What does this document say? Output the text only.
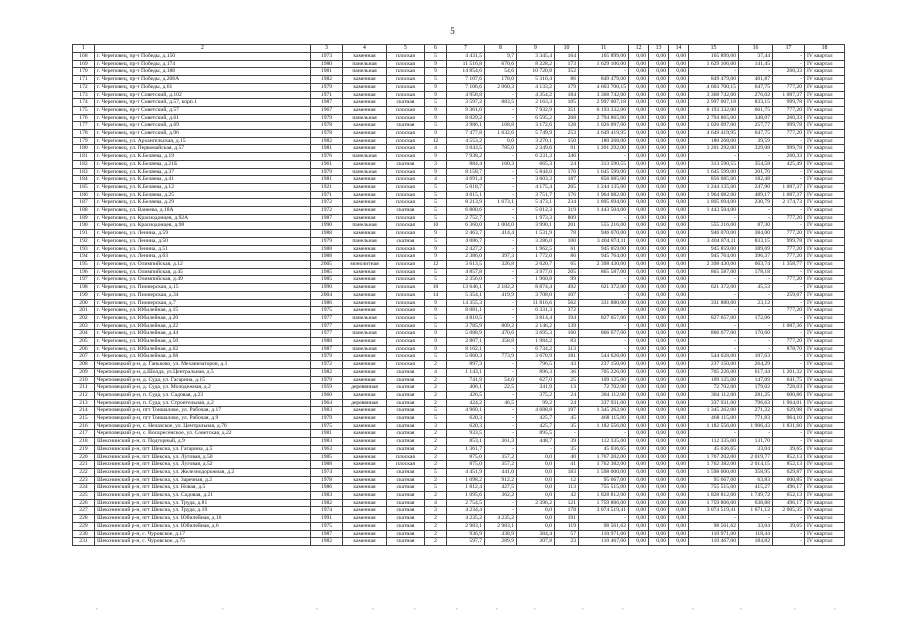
5
1	2	3	4	5	6	7	8	9	10	11	12	13	14	15	16	17	18
168	г. Череповец, пр-т Победы, д.150	1973	каменная	плоская	5	4 431,5	9,7	3 345,4	164	165 899,00	0,00	0,00	0,00	165 899,00	37,44	-	IV квартал
169	г. Череповец, пр-т Победы, д.174	1980	панельная	плоская	9	11 516,8	670,6	8 228,2	173	1 629 106,00	0,00	0,00	0,00	1 629 106,00	141,45	-	IV квартал
170	г. Череповец, пр-т Победы, д.188	1981	панельная	плоская	9	14 854,6	54,6	10 720,8	352	-	0,00	0,00	0,00	-	-	260,33	IV квартал
171	г. Череповец, пр-т Победы, д.208А	1982	каменная	плоская	5	7 107,6	178,0	5 316,4	86	849 479,00	0,00	0,00	0,00	849 479,00	401,87	-	IV квартал
172	г. Череповец, пр-т Победы, д.61	1979	каменная	плоская	9	7 106,6	2 060,3	4 133,2	179	4 603 700,15	0,00	0,00	0,00	4 603 700,15	647,75	777,20	IV квартал
173	г. Череповец, пр-т Советский, д.102	1971	каменная	плоская	9	4 958,8	-	4 354,2	184	3 368 742,00	0,00	0,00	0,00	3 368 742,00	276,02	1 087,37	IV квартал
174	г. Череповец, пр-т Советский, д.57, корп.1	1987	каменная	скатная	5	3 597,2	883,5	2 163,3	105	2 997 007,18	0,00	0,00	0,00	2 997 007,18	833,15	999,78	IV квартал
175	г. Череповец, пр-т Советский, д.57	1967	каменная	плоская	9	9 361,0	-	7 932,9	351	6 193 332,00	0,00	0,00	0,00	6 193 332,00	661,75	777,20	IV квартал
176	г. Череповец, пр-т Советский, д.61	1979	панельная	плоская	9	8 029,2	-	6 595,2	268	2 794 865,00	0,00	0,00	0,00	2 794 865,00	348,07	260,33	IV квартал
177	г. Череповец, пр-т Советский, д.69	1978	каменная	скатная	5	3 986,1	168,8	3 172,6	128	1 026 097,00	0,00	0,00	0,00	1 026 097,00	257,77	999,78	IV квартал
178	г. Череповец, пр-т Советский, д.96	1978	каменная	плоская	9	7 477,8	1 632,6	5 749,9	253	4 649 419,95	0,00	0,00	0,00	4 649 419,95	647,75	777,20	IV квартал
179	г. Череповец, ул. Архангельская, д.15	1982	каменная	плоская	12	4 553,2	0,0	3 270,1	150	180 268,00	0,00	0,00	0,00	180 268,00	39,59	-	IV квартал
180	г. Череповец, ул. Первомайская, д.57	1981	каменная	плоская	4	3 043,5	785,0	2 349,6	91	1 201 292,00	0,00	0,00	0,00	1 201 292,00	329,08	999,78	IV квартал
181	г. Череповец, ул. К.Беляева, д.19	1976	панельная	плоская	9	7 938,2	-	6 231,3	346	-	0,00	0,00	0,00	-	-	260,33	IV квартал
182	г. Череповец, ул. К.Беляева, д.21Б	1961	каменная	скатная	3	884,4	160,3	665,3	24	313 590,55	0,00	0,00	0,00	313 590,55	354,58	425,49	IV квартал
183	г. Череповец, ул. К.Беляева, д.37	1979	панельная	плоская	9	8 158,7	-	5 844,0	176	1 645 599,00	0,00	0,00	0,00	1 645 599,00	201,70	-	IV квартал
184	г. Череповец, ул. К.Беляева, д.41	1981	каменная	плоская	4	4 691,4	-	3 603,3	187	856 085,00	0,00	0,00	0,00	856 085,00	182,48	-	IV квартал
185	г. Череповец, ул. К.Беляева, д.12	1921	каменная	плоская	5	5 018,7	-	4 175,4	205	1 244 135,00	0,00	0,00	0,00	1 244 135,00	247,90	1 087,37	IV квартал
186	г. Череповец, ул. К.Беляева, д.25	1971	каменная	плоская	5	4 015,1	-	3 751,7	176	1 964 082,00	0,00	0,00	0,00	1 964 082,00	489,17	1 087,37	IV квартал
187	г. Череповец, ул. К.Беляева, д.29	1972	каменная	плоская	5	8 213,9	1 673,1	5 473,1	234	1 895 694,00	0,00	0,00	0,00	1 895 694,00	230,79	2 174,73	IV квартал
188	г. Череповец, ул. Ванеева, д.18А	1972	каменная	скатная	5	6 800,6	-	5 012,3	319	1 443 504,00	0,00	0,00	0,00	1 443 504,00	-	-	IV квартал
189	г. Череповец, ул. Краснодонцев, д.92А	1987	каменная	плоская	5	2 752,7	-	1 973,3	809	-	0,00	0,00	0,00	-	-	777,20	IV квартал
190	г. Череповец, ул. Краснодонцев, д.98	1990	панельная	плоская	10	6 360,0	1 004,0	3 990,1	201	555 216,00	0,00	0,00	0,00	555 216,00	87,30	-	IV квартал
191	г. Череповец, ул. Ленина, д.59	1988	каменная	плоская	9	2 463,7	414,4	1 531,9	78	946 070,00	0,00	0,00	0,00	946 070,00	384,00	777,20	IV квартал
192	г. Череповец, ул. Ленина, д.50	1979	панельная	скатная	5	4 086,7	-	3 286,0	100	3 404 874,11	0,00	0,00	0,00	3 404 874,11	833,15	999,78	IV квартал
193	г. Череповец, ул. Ленина, д.51	1988	каменная	плоская	9	2 427,2	-	1 962,5	61	945 859,00	0,00	0,00	0,00	945 859,00	389,69	777,20	IV квартал
194	г. Череповец, ул. Ленина, д.63	1988	каменная	плоская	9	2 386,0	397,3	1 772,0	86	945 764,00	0,00	0,00	0,00	945 764,00	396,37	777,20	IV квартал
195	г. Череповец, ул. Олимпийская, д.12	2005	монолитная	плоская	12	3 613,5	326,8	2 620,7	65	2 398 430,00	0,00	0,00	0,00	2 398 430,00	663,74	1 358,77	IV квартал
196	г. Череповец, ул. Олимпийская, д.45	1985	каменная	плоская	5	4 857,8	-	3 977,0	205	865 587,00	0,00	0,00	0,00	865 587,00	178,18	-	IV квартал
197	г. Череповец, ул. Олимпийская, д.49	1985	каменная	плоская	5	2 356,0	-	1 960,8	99	-	0,00	0,00	0,00	-	-	777,20	IV квартал
198	г. Череповец, ул. Пионерская, д.15	1990	каменная	плоская	10	13 646,1	2 182,2	8 874,4	492	621 372,00	0,00	0,00	0,00	621 372,00	45,53	-	IV квартал
199	г. Череповец, ул. Пионерская, д.34	2004	каменная	плоская	14	5 354,1	419,9	3 708,0	107	-	0,00	0,00	0,00	-	-	259,67	IV квартал
200	г. Череповец, ул. Пионерская, д.7	1986	каменная	плоская	9	14 355,3	-	11 816,6	562	331 880,00	0,00	0,00	0,00	331 880,00	23,12	-	IV квартал
201	г. Череповец, ул. Юбилейная, д.15	1975	каменная	плоская	9	8 081,1	-	6 331,3	372	-	0,00	0,00	0,00	-	-	777,20	IV квартал
202	г. Череповец, ул. Юбилейная, д.20	1977	панельная	плоская	5	4 810,5	-	3 814,4	194	827 657,00	0,00	0,00	0,00	827 657,00	172,06	-	IV квартал
203	г. Череповец, ул. Юбилейная, д.22	1977	каменная	плоская	5	3 785,9	809,2	2 146,2	139	-	0,00	0,00	0,00	-	-	1 087,36	IV квартал
204	г. Череповец, ул. Юбилейная, д.44	1977	панельная	плоская	9	5 088,9	470,6	3 695,3	160	866 677,00	0,00	0,00	0,00	866 677,00	170,60	-	IV квартал
205	г. Череповец, ул. Юбилейная, д.50	1988	каменная	плоская	9	2 807,1	358,8	1 984,2	83	-	0,00	0,00	0,00	-	-	777,20	IV квартал
206	г. Череповец, ул. Юбилейная, д.62	1987	панельная	плоская	9	8 162,1	-	6 734,2	313	-	0,00	0,00	0,00	-	-	878,70	IV квартал
207	г. Череповец, ул. Юбилейная, д.68	1979	каменная	плоская	5	5 060,3	773,9	3 670,9	181	544 628,00	0,00	0,00	0,00	544 628,00	107,63	-	IV квартал
208	Череповецкий р-н, д. Ганьково, ул. Механизаторов, д.1	1972	каменная	плоская	2	897,3	-	796,5	43	237 150,00	0,00	0,00	0,00	237 150,00	264,29	-	IV квартал
209	Череповецкий р-н, д.Шолда, ул.Центральная, д.5	1982	каменная	скатная	4	1 143,1	-	896,3	36	705 226,00	0,00	0,00	0,00	705 226,00	617,44	1 201,32	IV квартал
210	Череповецкий р-н, д. Суда, ул. Гагарина, д.15	1979	каменная	скатная	2	741,9	54,0	627,0	25	109 125,00	0,00	0,00	0,00	109 125,00	147,09	641,75	IV квартал
211	Череповецкий р-н, д. Суда, ул. Молодежная, д.2	1959	деревянная	скатная	2	406,1	22,5	341,9	13	72 702,00	0,00	0,00	0,00	72 702,00	179,02	728,03	IV квартал
212	Череповецкий р-н, п. Суда, ул. Садовая, д.23	1960	каменная	скатная	2	426,5	-	375,2	24	384 112,00	0,00	0,00	0,00	384 112,00	281,25	600,86	IV квартал
213	Череповецкий р-н, п. Суда, ул. Строительная, д.2	1964	деревянная	скатная	2	424,2	46,5	99,2	24	337 931,00	0,00	0,00	0,00	337 931,00	796,63	1 964,01	IV квартал
214	Череповецкий р-н, пгт Тоншалово, ул. Рабочая, д.17	1983	каменная	скатная	5	4 960,1	-	4 688,8	197	1 345 262,00	0,00	0,00	0,00	1 345 262,00	271,22	629,98	IV квартал
215	Череповецкий р-н, пгт Тоншалово, ул. Рабочая, д.9	1979	каменная	скатная	5	620,3	-	425,7	45	468 115,00	0,00	0,00	0,00	468 115,00	771,83	964,10	IV квартал
216	Череповецкий р-н, с. Нелазское, ул. Центральная, д.76	1975	каменная	скатная	3	620,3	-	425,7	35	1 182 556,00	0,00	0,00	0,00	1 182 556,00	1 906,43	1 831,60	IV квартал
217	Череповецкий р-н, с. Воскресенское, ул. Советская, д.22	1981	каменная	скатная	2	933,5	-	895,5	-	-	0,00	0,00	0,00	-	-	-	IV квартал
218	Шекснинский р-н, п. Подгорный, д.9	1983	каменная	скатная	2	853,1	361,3	448,7	39	112 335,00	0,00	0,00	0,00	112 335,00	131,70	-	IV квартал
219	Шекснинский р-н, пгт Шексна, ул. Гагарина, д.5	1963	каменная	скатная	2	1 361,7	-	-	35	45 036,65	0,00	0,00	0,00	45 036,65	33,04	39,65	IV квартал
220	Шекснинский р-н, пгт Шексна, ул. Луговая, д.50	1985	каменная	плоская	2	875,0	357,2	0,0	40	1 767 202,00	0,00	0,00	0,00	1 767 202,00	2 019,77	852,13	IV квартал
221	Шекснинский р-н, пгт Шексна, ул. Луговая, д.52	1988	каменная	плоская	2	875,0	357,2	0,0	41	1 762 382,00	0,00	0,00	0,00	1 762 382,00	2 014,15	852,13	IV квартал
222	Шекснинский р-н, пгт Шексна, ул. Железнодорожная, д.2	1974	каменная	скатная	5	4 451,9	441,0	0,0	183	1 598 000,00	0,00	0,00	0,00	1 598 000,00	358,95	629,87	IV квартал
223	Шекснинский р-н, пгт Шексна, ул. Заречная, д.2	1978	каменная	скатная	2	1 098,2	912,2	0,0	12	95 667,00	0,00	0,00	0,00	95 667,00	63,83	600,85	IV квартал
224	Шекснинский р-н, пгт Шексна, ул. Новая, д.5	1986	каменная	скатная	5	1 812,4	427,5	0,0	113	755 515,00	0,00	0,00	0,00	755 515,00	415,27	496,17	IV квартал
225	Шекснинский р-н, пгт Шексна, ул. Садовая, д.21	1983	каменная	скатная	2	1 095,6	362,2	0,0	42	1 828 812,00	0,00	0,00	0,00	1 828 812,00	1 749,72	652,13	IV квартал
226	Шекснинский р-н, пгт Шексна, ул. Труда, д.81	1982	каменная	скатная	4	2 754,5	-	2 396,2	121	1 759 806,00	0,00	0,00	0,00	1 759 806,00	638,88	496,17	IV квартал
227	Шекснинский р-н, пгт Шексна, ул. Труда, д.19	1974	каменная	скатная	3	4 234,4	-	0,0	178	3 074 519,41	0,00	0,00	0,00	3 074 519,41	1 671,12	2 005,35	IV квартал
228	Шекснинский р-н, пгт Шексна, ул. Юбилейная, д.16	1991	каменная	скатная	2	4 235,2	4 235,2	0,0	191	-	0,00	0,00	0,00	-	-	-	IV квартал
229	Шекснинский р-н, пгт Шексна, ул. Юбилейная, д.6	1975	каменная	скатная	2	2 983,1	2 983,1	0,0	119	98 561,62	0,00	0,00	0,00	98 561,62	33,04	39,65	IV квартал
230	Шекснинский р-н, с. Чуровское, д.17	1987	каменная	скатная	2	936,9	438,9	384,4	57	110 971,00	0,00	0,00	0,00	110 971,00	118,44	-	IV квартал
231	Шекснинский р-н, с. Чуровское, д.75	1982	каменная	скатная	2	597,7	289,9	307,8	23	110 467,00	0,00	0,00	0,00	110 467,00	184,82	-	IV квартал
,	,	,	,	,	,	,	,	,	,	,	,	,	,
